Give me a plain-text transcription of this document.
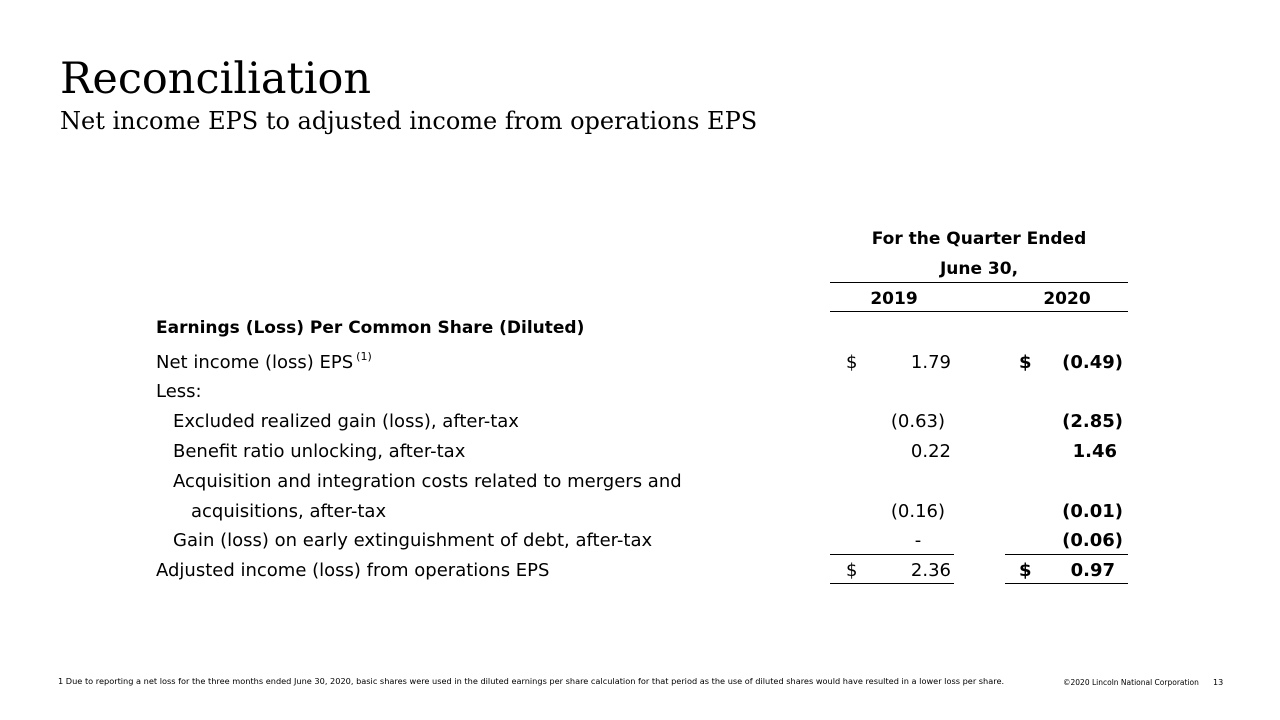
Reconciliation
Net income EPS to adjusted income from operations EPS
For the Quarter Ended
June 30,
2019	2020
Earnings (Loss) Per Common Share (Diluted)
Net income (loss) EPS $^{(1)}$	$	1.79	$	(0.49)
Less:
Excluded realized gain (loss), after-tax	(0.63)	(2.85)
Benefit ratio unlocking, after-tax	0.22	1.46
Acquisition and integration costs related to mergers and
acquisitions, after-tax	(0.16)	(0.01)
Gain (loss) on early extinguishment of debt, after-tax	-	(0.06)
Adjusted income (loss) from operations EPS	$	2.36	$	0.97
1 Due to reporting a net loss for the three months ended June 30, 2020, basic shares were used in the diluted earnings per share calculation for that period as the use of diluted shares would have resulted in a lower loss per share.	©2020 Lincoln National Corporation 13
